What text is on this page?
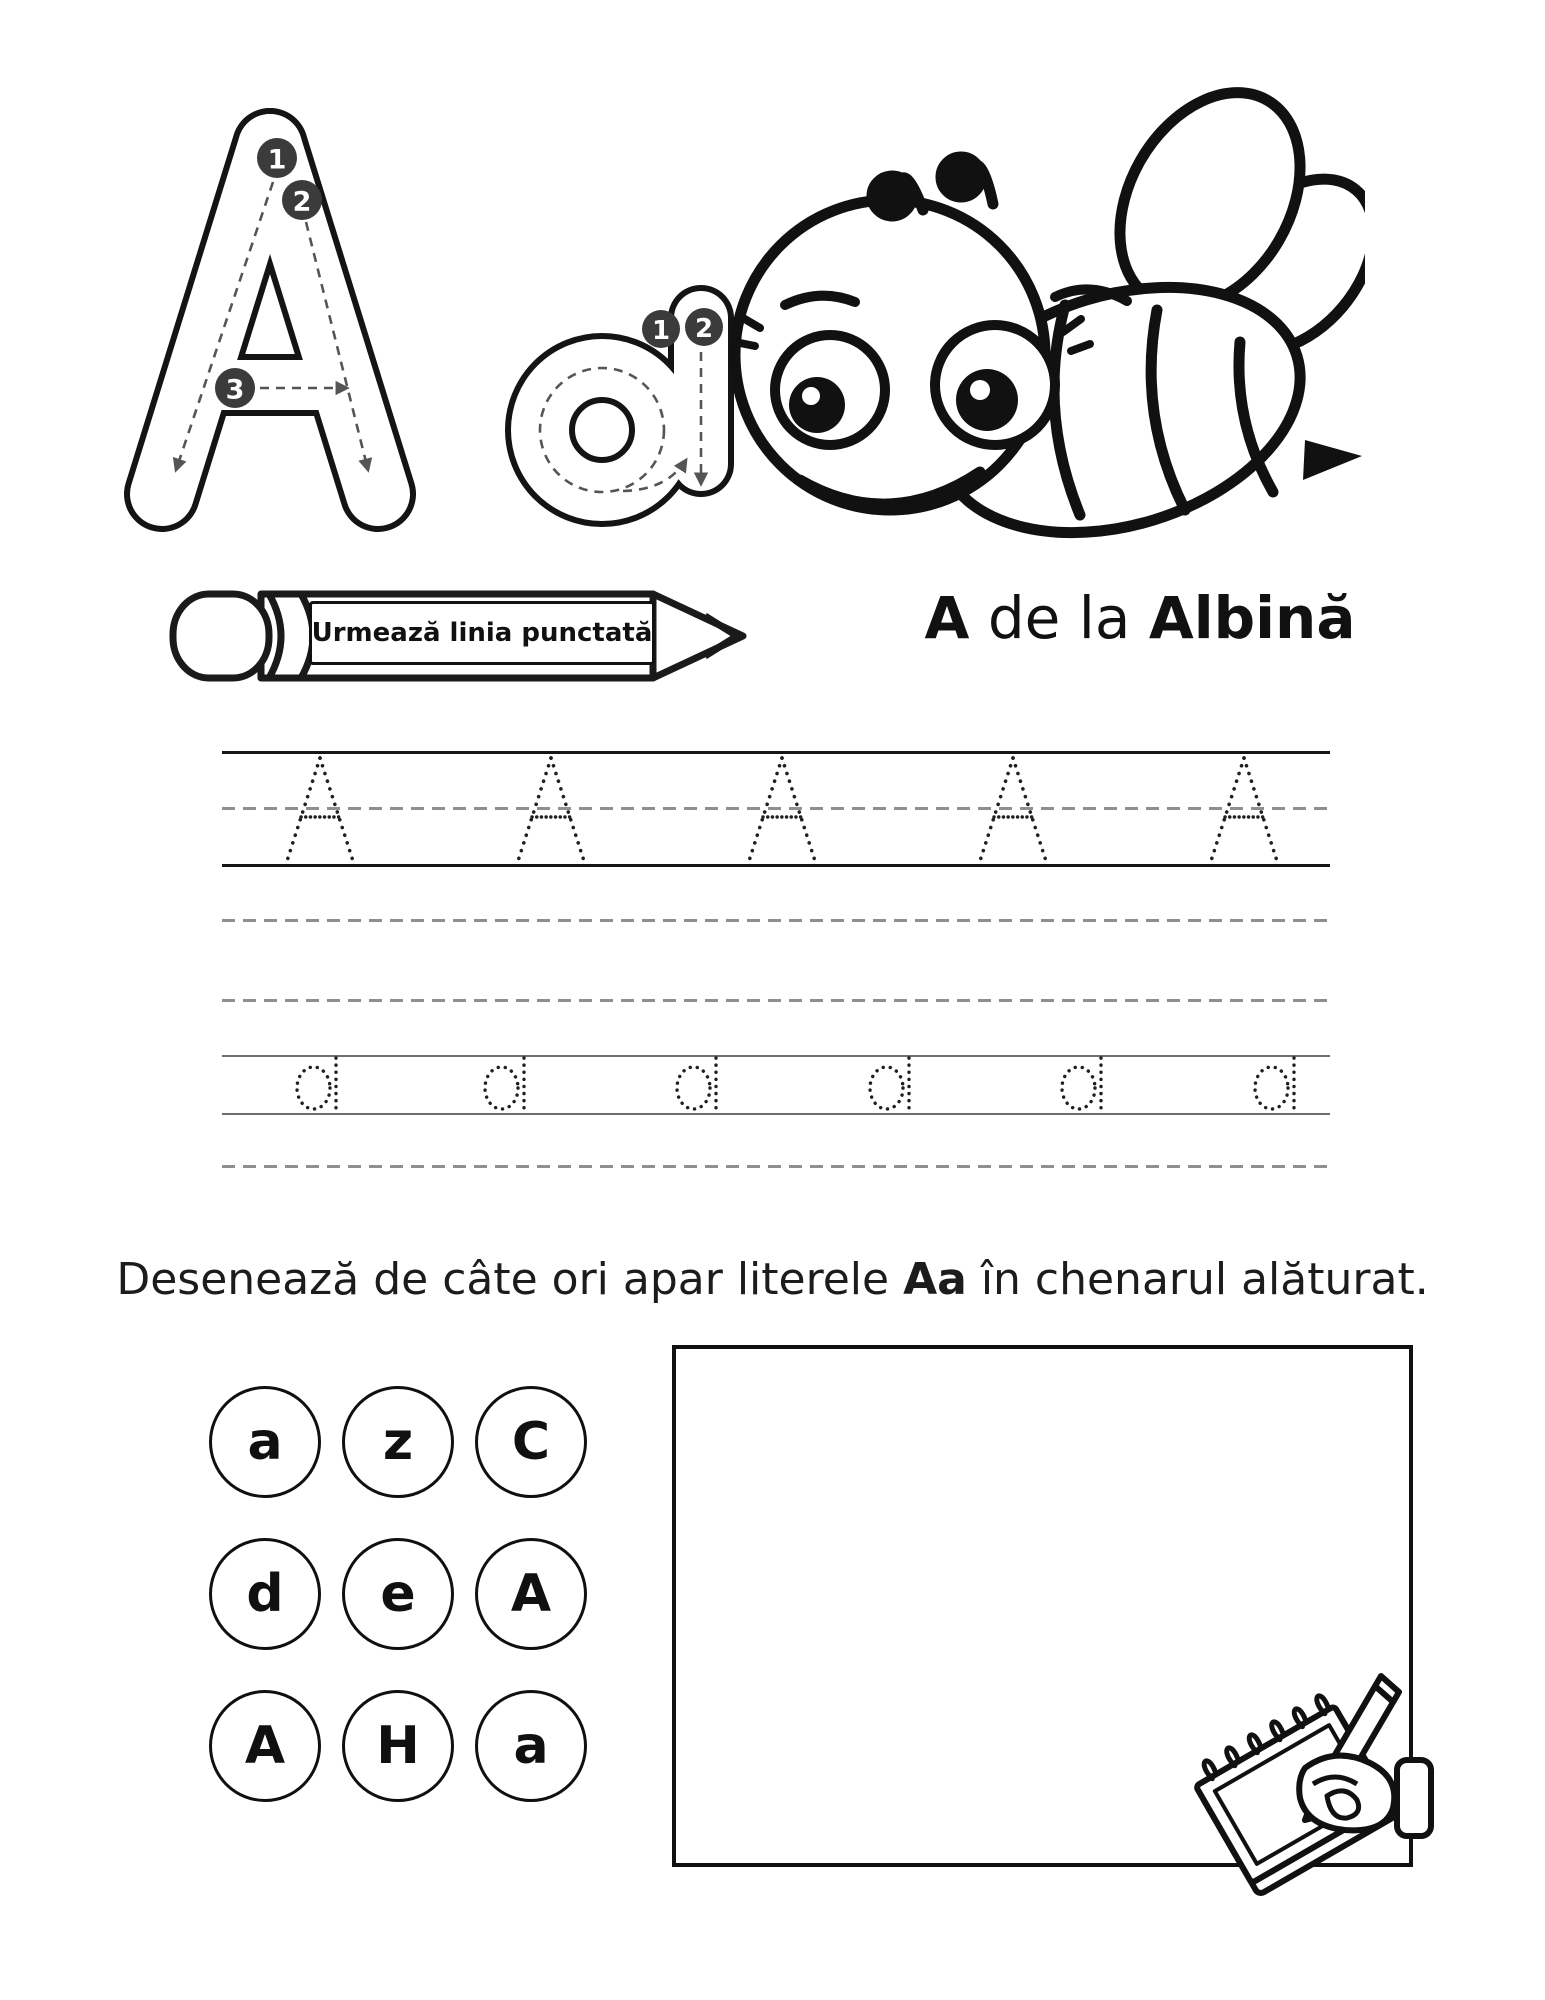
1
2
3
1 2
Urmează linia punctată	A de la Albină
Desenează de câte ori apar literele Aa în chenarul alăturat.
a	z	C
d	e	A
A	H	a
